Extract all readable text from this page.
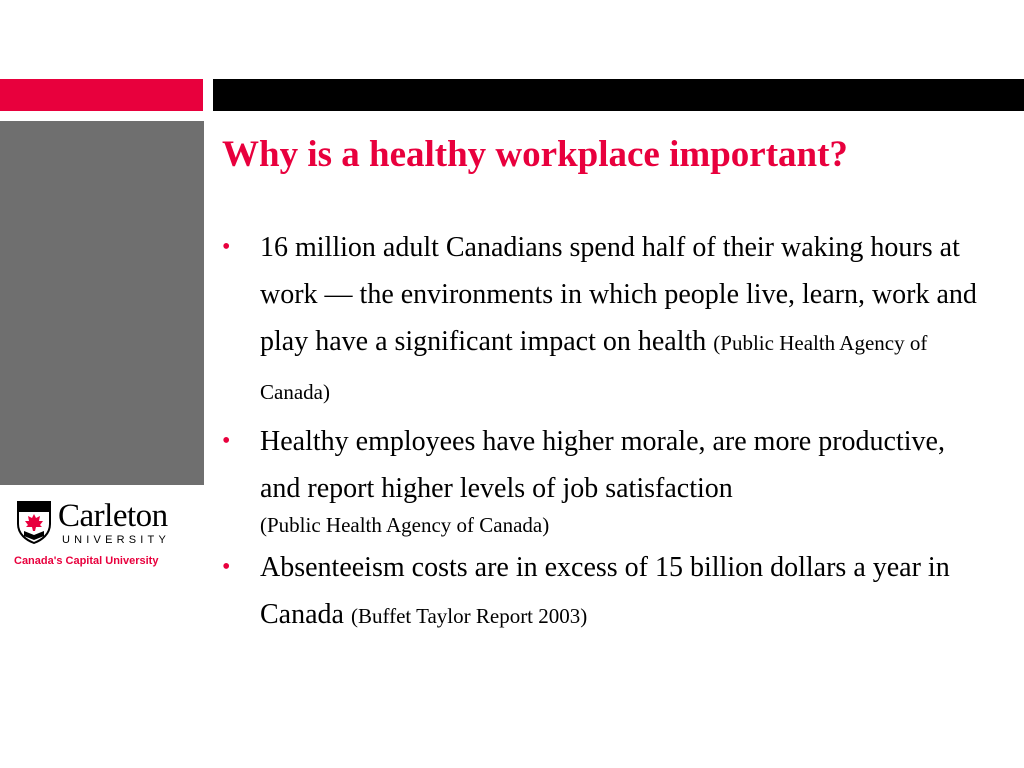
Why is a healthy workplace important?
•	16 million adult Canadians spend half of their waking hours at work — the environments in which people live, learn, work and play have a significant impact on health (Public Health Agency of Canada)
•	Healthy employees have higher morale, are more productive, and report higher levels of job satisfaction
(Public Health Agency of Canada)
•	Absenteeism costs are in excess of 15 billion dollars a year in Canada (Buffet Taylor Report 2003)
Carleton
UNIVERSITY
Canada's Capital University
